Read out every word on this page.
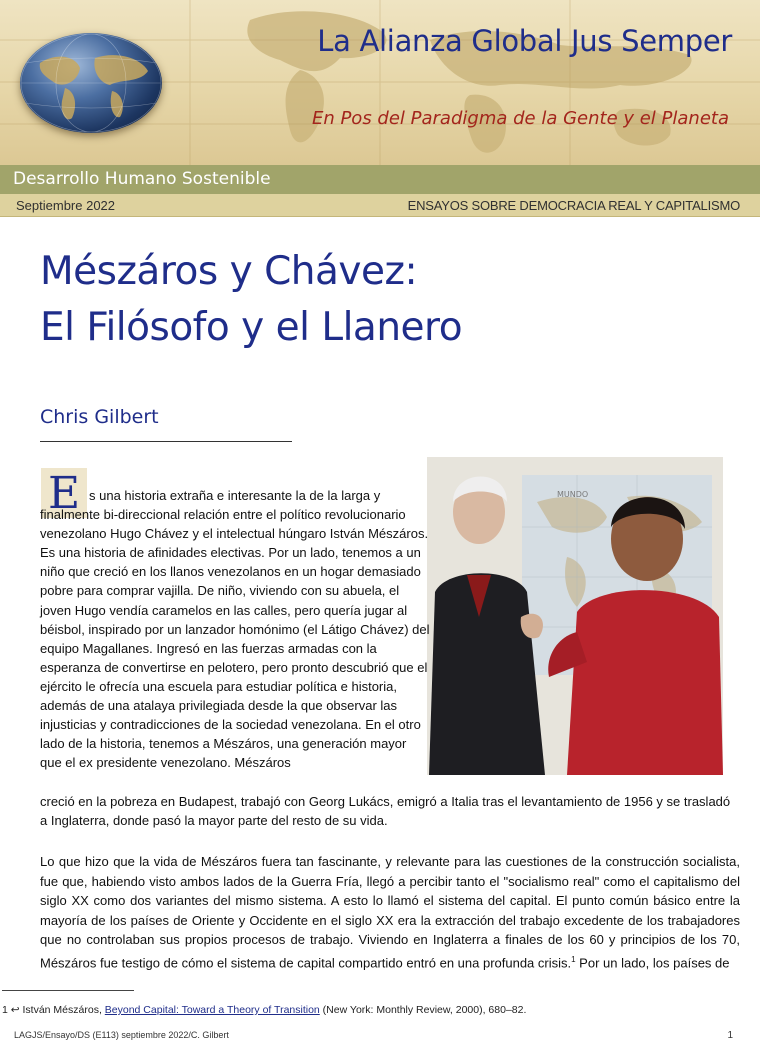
La Alianza Global Jus Semper
En Pos del Paradigma de la Gente y el Planeta
Desarrollo Humano Sostenible
Septiembre 2022	ENSAYOS SOBRE DEMOCRACIA REAL Y CAPITALISMO
Mészáros y Chávez:
El Filósofo y el Llanero
Chris Gilbert
MUNDO
E s una historia extraña e interesante la de la larga y finalmente bi-direccional relación entre el político revolucionario venezolano Hugo Chávez y el intelectual húngaro István Mészáros. Es una historia de afinidades electivas. Por un lado, tenemos a un niño que creció en los llanos venezolanos en un hogar demasiado pobre para comprar vajilla. De niño, viviendo con su abuela, el joven Hugo vendía caramelos en las calles, pero quería jugar al béisbol, inspirado por un lanzador homónimo (el Látigo Chávez) del equipo Magallanes. Ingresó en las fuerzas armadas con la esperanza de convertirse en pelotero, pero pronto descubrió que el ejército le ofrecía una escuela para estudiar política e historia, además de una atalaya privilegiada desde la que observar las injusticias y contradicciones de la sociedad venezolana. En el otro lado de la historia, tenemos a Mészáros, una generación mayor que el ex presidente venezolano. Mészáros

creció en la pobreza en Budapest, trabajó con Georg Lukács, emigró a Italia tras el levantamiento de 1956 y se trasladó a Inglaterra, donde pasó la mayor parte del resto de su vida.

Lo que hizo que la vida de Mészáros fuera tan fascinante, y relevante para las cuestiones de la construcción socialista, fue que, habiendo visto ambos lados de la Guerra Fría, llegó a percibir tanto el "socialismo real" como el capitalismo del siglo XX como dos variantes del mismo sistema. A esto lo llamó el sistema del capital. El punto común básico entre la mayoría de los países de Oriente y Occidente en el siglo XX era la extracción del trabajo excedente de los trabajadores que no controlaban sus propios procesos de trabajo. Viviendo en Inglaterra a finales de los 60 y principios de los 70, Mészáros fue testigo de cómo el sistema de capital compartido entró en una profunda crisis.$^1$ Por un lado, los países de

1 ↩ István Mészáros, Beyond Capital: Toward a Theory of Transition (New York: Monthly Review, 2000), 680–82.
LAGJS/Ensayo/DS (E113) septiembre 2022/C. Gilbert	1
